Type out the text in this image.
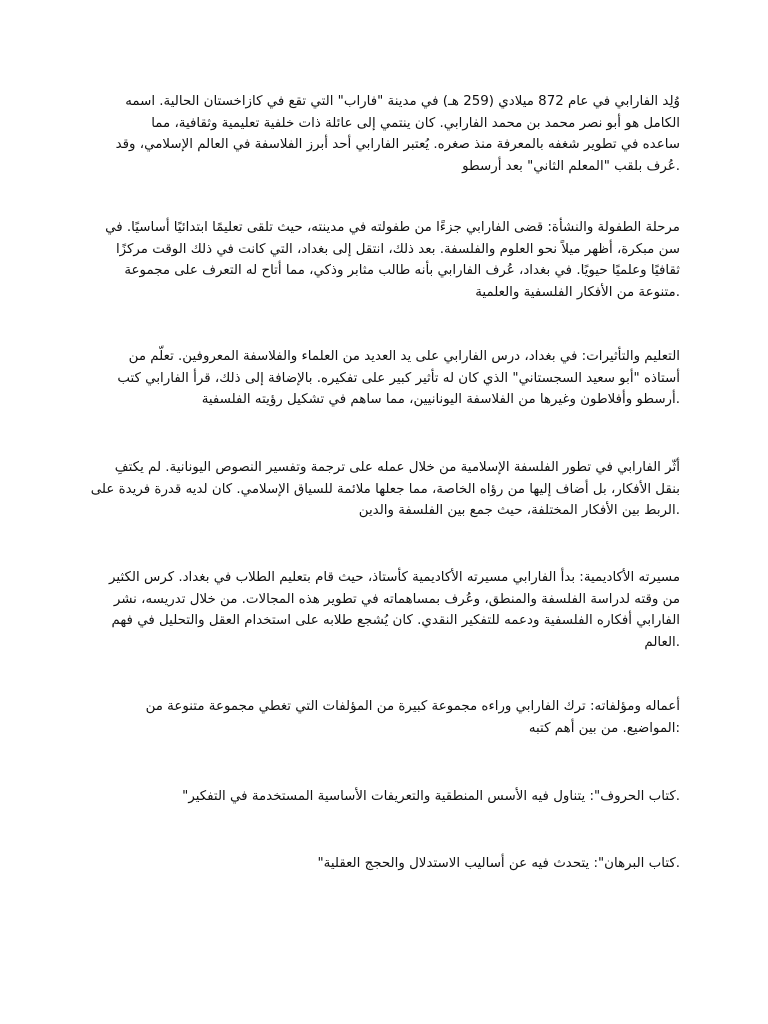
وُلِد الفارابي في عام 872 ميلادي (259 هـ) في مدينة "فاراب" التي تقع في كازاخستان الحالية. اسمه
الكامل هو أبو نصر محمد بن محمد الفارابي. كان ينتمي إلى عائلة ذات خلفية تعليمية وثقافية، مما
ساعده في تطوير شغفه بالمعرفة منذ صغره. يُعتبر الفارابي أحد أبرز الفلاسفة في العالم الإسلامي، وقد
.عُرف بلقب "المعلم الثاني" بعد أرسطو

مرحلة الطفولة والنشأة: قضى الفارابي جزءًا من طفولته في مدينته، حيث تلقى تعليمًا ابتدائيًا أساسيًا. في
سن مبكرة، أظهر ميلاً نحو العلوم والفلسفة. بعد ذلك، انتقل إلى بغداد، التي كانت في ذلك الوقت مركزًا
ثقافيًا وعلميًا حيويًا. في بغداد، عُرف الفارابي بأنه طالب مثابر وذكي، مما أتاح له التعرف على مجموعة
.متنوعة من الأفكار الفلسفية والعلمية

التعليم والتأثيرات: في بغداد، درس الفارابي على يد العديد من العلماء والفلاسفة المعروفين. تعلّم من
أستاذه "أبو سعيد السجستاني" الذي كان له تأثير كبير على تفكيره. بالإضافة إلى ذلك، قرأ الفارابي كتب
.أرسطو وأفلاطون وغيرها من الفلاسفة اليونانيين، مما ساهم في تشكيل رؤيته الفلسفية

أثّر الفارابي في تطور الفلسفة الإسلامية من خلال عمله على ترجمة وتفسير النصوص اليونانية. لم يكتفِ
بنقل الأفكار، بل أضاف إليها من رؤاه الخاصة، مما جعلها ملائمة للسياق الإسلامي. كان لديه قدرة فريدة على
.الربط بين الأفكار المختلفة، حيث جمع بين الفلسفة والدين

مسيرته الأكاديمية: بدأ الفارابي مسيرته الأكاديمية كأستاذ، حيث قام بتعليم الطلاب في بغداد. كرس الكثير
من وقته لدراسة الفلسفة والمنطق، وعُرف بمساهماته في تطوير هذه المجالات. من خلال تدريسه، نشر
الفارابي أفكاره الفلسفية ودعمه للتفكير النقدي. كان يُشجع طلابه على استخدام العقل والتحليل في فهم
.العالم

أعماله ومؤلفاته: ترك الفارابي وراءه مجموعة كبيرة من المؤلفات التي تغطي مجموعة متنوعة من
:المواضيع. من بين أهم كتبه

.كتاب الحروف": يتناول فيه الأسس المنطقية والتعريفات الأساسية المستخدمة في التفكير"

.كتاب البرهان": يتحدث فيه عن أساليب الاستدلال والحجج العقلية"
